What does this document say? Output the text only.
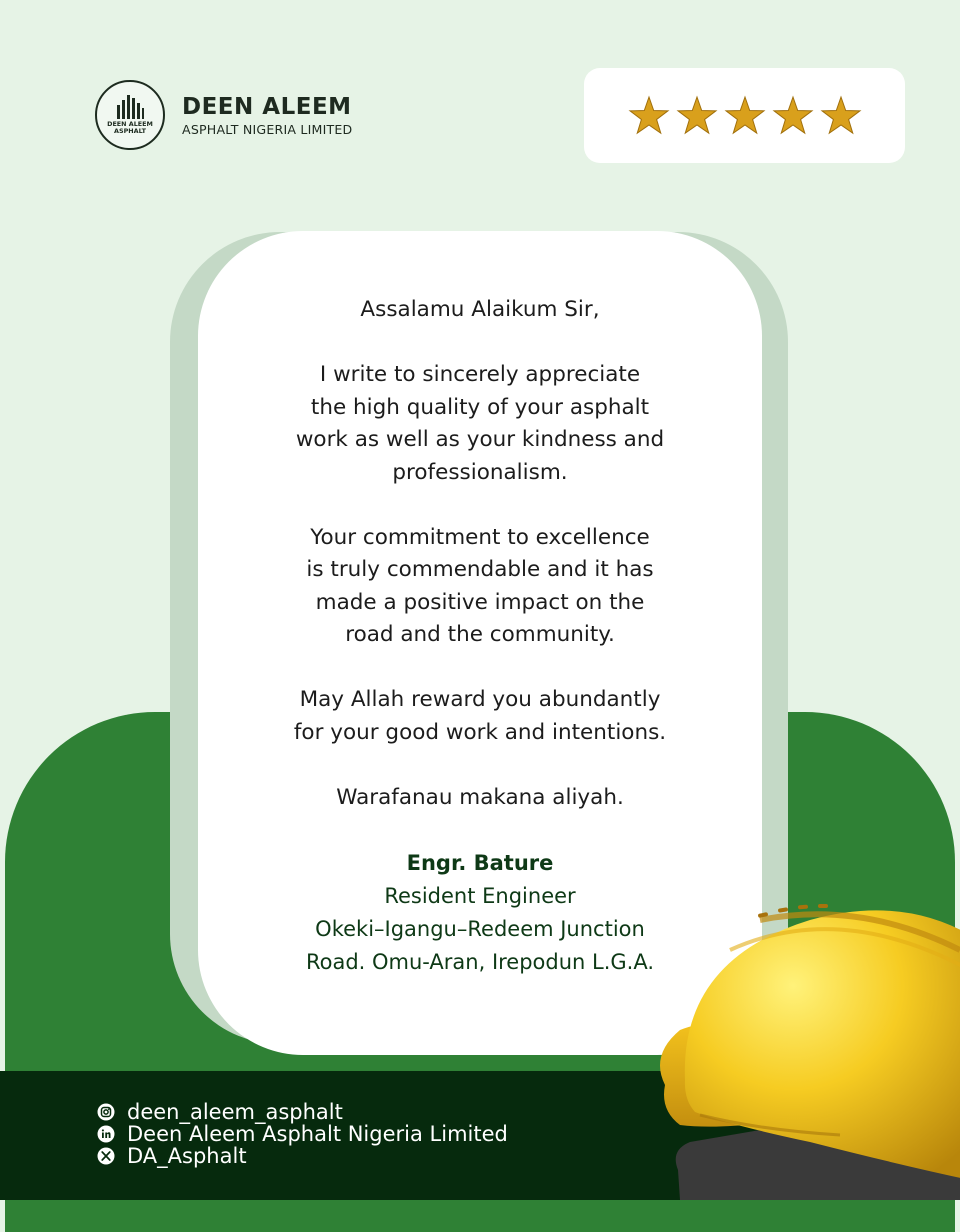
DEEN ALEEM
ASPHALT
DEEN ALEEM
ASPHALT NIGERIA LIMITED

Assalamu Alaikum Sir,

I write to sincerely appreciate
the high quality of your asphalt
work as well as your kindness and
professionalism.

Your commitment to excellence
is truly commendable and it has
made a positive impact on the
road and the community.

May Allah reward you abundantly
for your good work and intentions.

Warafanau makana aliyah.

Engr. Bature
Resident Engineer
Okeki–Igangu–Redeem Junction
Road. Omu-Aran, Irepodun L.G.A.
deen_aleem_asphalt
Deen Aleem Asphalt Nigeria Limited
DA_Asphalt
